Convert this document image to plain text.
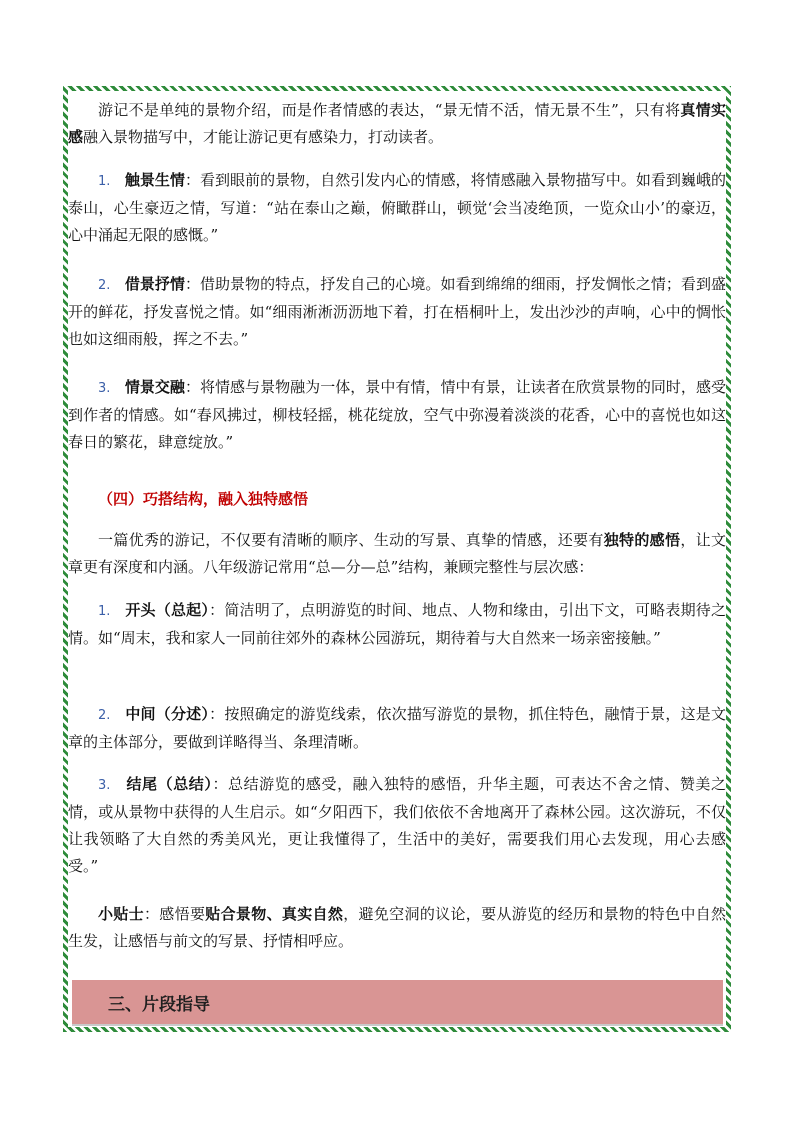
游记不是单纯的景物介绍，而是作者情感的表达，“景无情不活，情无景不生”，只有将真情实感融入景物描写中，才能让游记更有感染力，打动读者。

1. 触景生情：看到眼前的景物，自然引发内心的情感，将情感融入景物描写中。如看到巍峨的泰山，心生豪迈之情，写道：“站在泰山之巅，俯瞰群山，顿觉‘会当凌绝顶，一览众山小’的豪迈，心中涌起无限的感慨。”

2. 借景抒情：借助景物的特点，抒发自己的心境。如看到绵绵的细雨，抒发惆怅之情；看到盛开的鲜花，抒发喜悦之情。如“细雨淅淅沥沥地下着，打在梧桐叶上，发出沙沙的声响，心中的惆怅也如这细雨般，挥之不去。”

3. 情景交融：将情感与景物融为一体，景中有情，情中有景，让读者在欣赏景物的同时，感受到作者的情感。如“春风拂过，柳枝轻摇，桃花绽放，空气中弥漫着淡淡的花香，心中的喜悦也如这春日的繁花，肆意绽放。”

（四）巧搭结构，融入独特感悟

一篇优秀的游记，不仅要有清晰的顺序、生动的写景、真挚的情感，还要有独特的感悟，让文章更有深度和内涵。八年级游记常用“总—分—总”结构，兼顾完整性与层次感：

1. 开头（总起）：简洁明了，点明游览的时间、地点、人物和缘由，引出下文，可略表期待之情。如“周末，我和家人一同前往郊外的森林公园游玩，期待着与大自然来一场亲密接触。”

2. 中间（分述）：按照确定的游览线索，依次描写游览的景物，抓住特色，融情于景，这是文章的主体部分，要做到详略得当、条理清晰。

3. 结尾（总结）：总结游览的感受，融入独特的感悟，升华主题，可表达不舍之情、赞美之情，或从景物中获得的人生启示。如“夕阳西下，我们依依不舍地离开了森林公园。这次游玩，不仅让我领略了大自然的秀美风光，更让我懂得了，生活中的美好，需要我们用心去发现，用心去感受。”

小贴士：感悟要贴合景物、真实自然，避免空洞的议论，要从游览的经历和景物的特色中自然生发，让感悟与前文的写景、抒情相呼应。

三、片段指导
